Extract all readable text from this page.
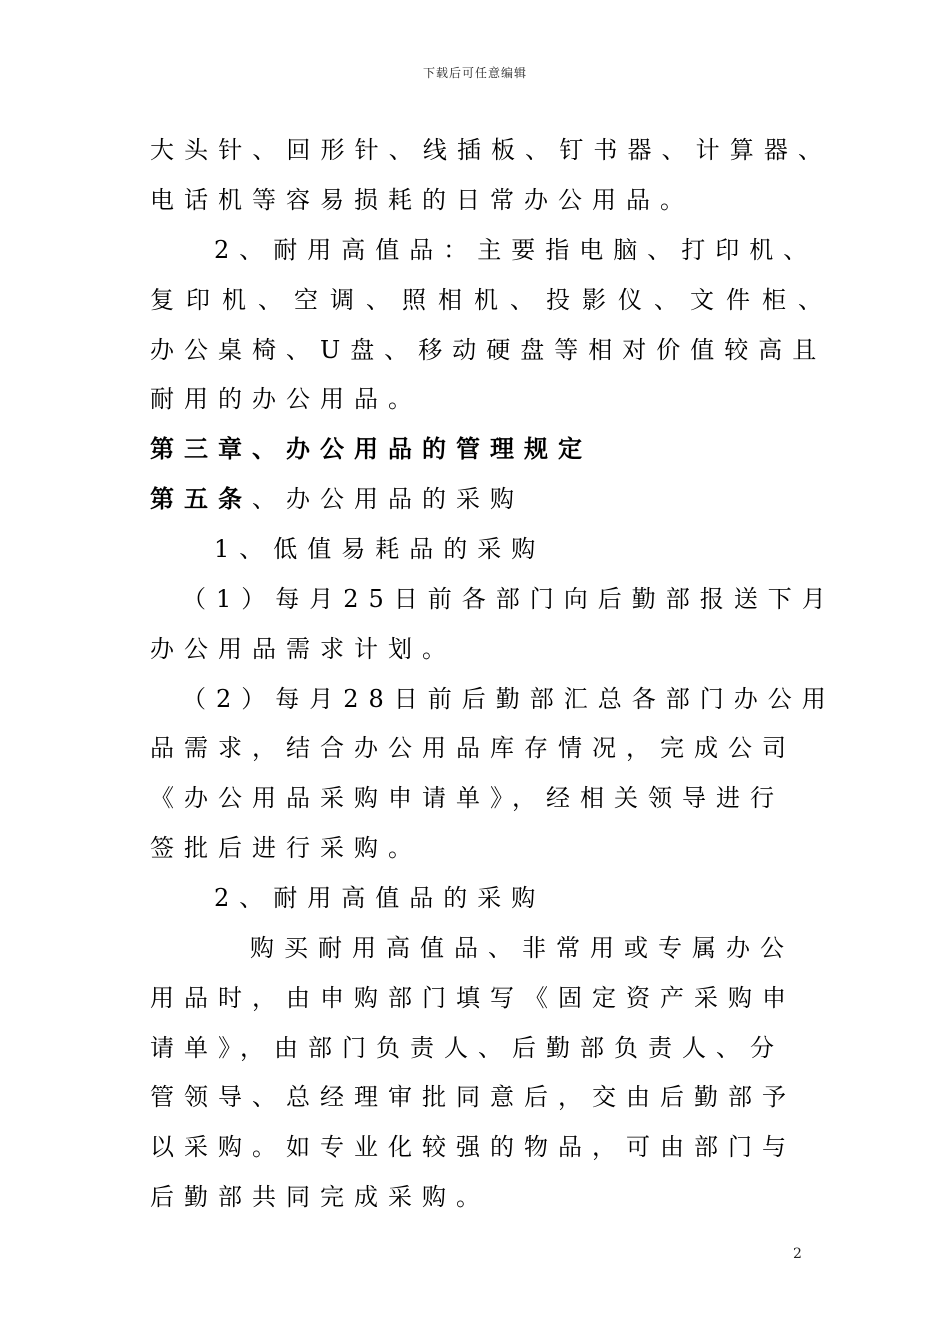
下载后可任意编辑
大头针、回形针、线插板、钉书器、计算器、
电话机等容易损耗的日常办公用品。
2、耐用高值品：主要指电脑、打印机、
复印机、空调、照相机、投影仪、文件柜、
办公桌椅、U盘、移动硬盘等相对价值较高且
耐用的办公用品。
第三章、办公用品的管理规定
第五条、办公用品的采购
1、低值易耗品的采购
（1）每月25日前各部门向后勤部报送下月
办公用品需求计划。
（2）每月28日前后勤部汇总各部门办公用
品需求，结合办公用品库存情况，完成公司
《办公用品采购申请单》，经相关领导进行
签批后进行采购。
2、耐用高值品的采购
购买耐用高值品、非常用或专属办公
用品时，由申购部门填写《固定资产采购申
请单》，由部门负责人、后勤部负责人、分
管领导、总经理审批同意后，交由后勤部予
以采购。如专业化较强的物品，可由部门与
后勤部共同完成采购。
2
